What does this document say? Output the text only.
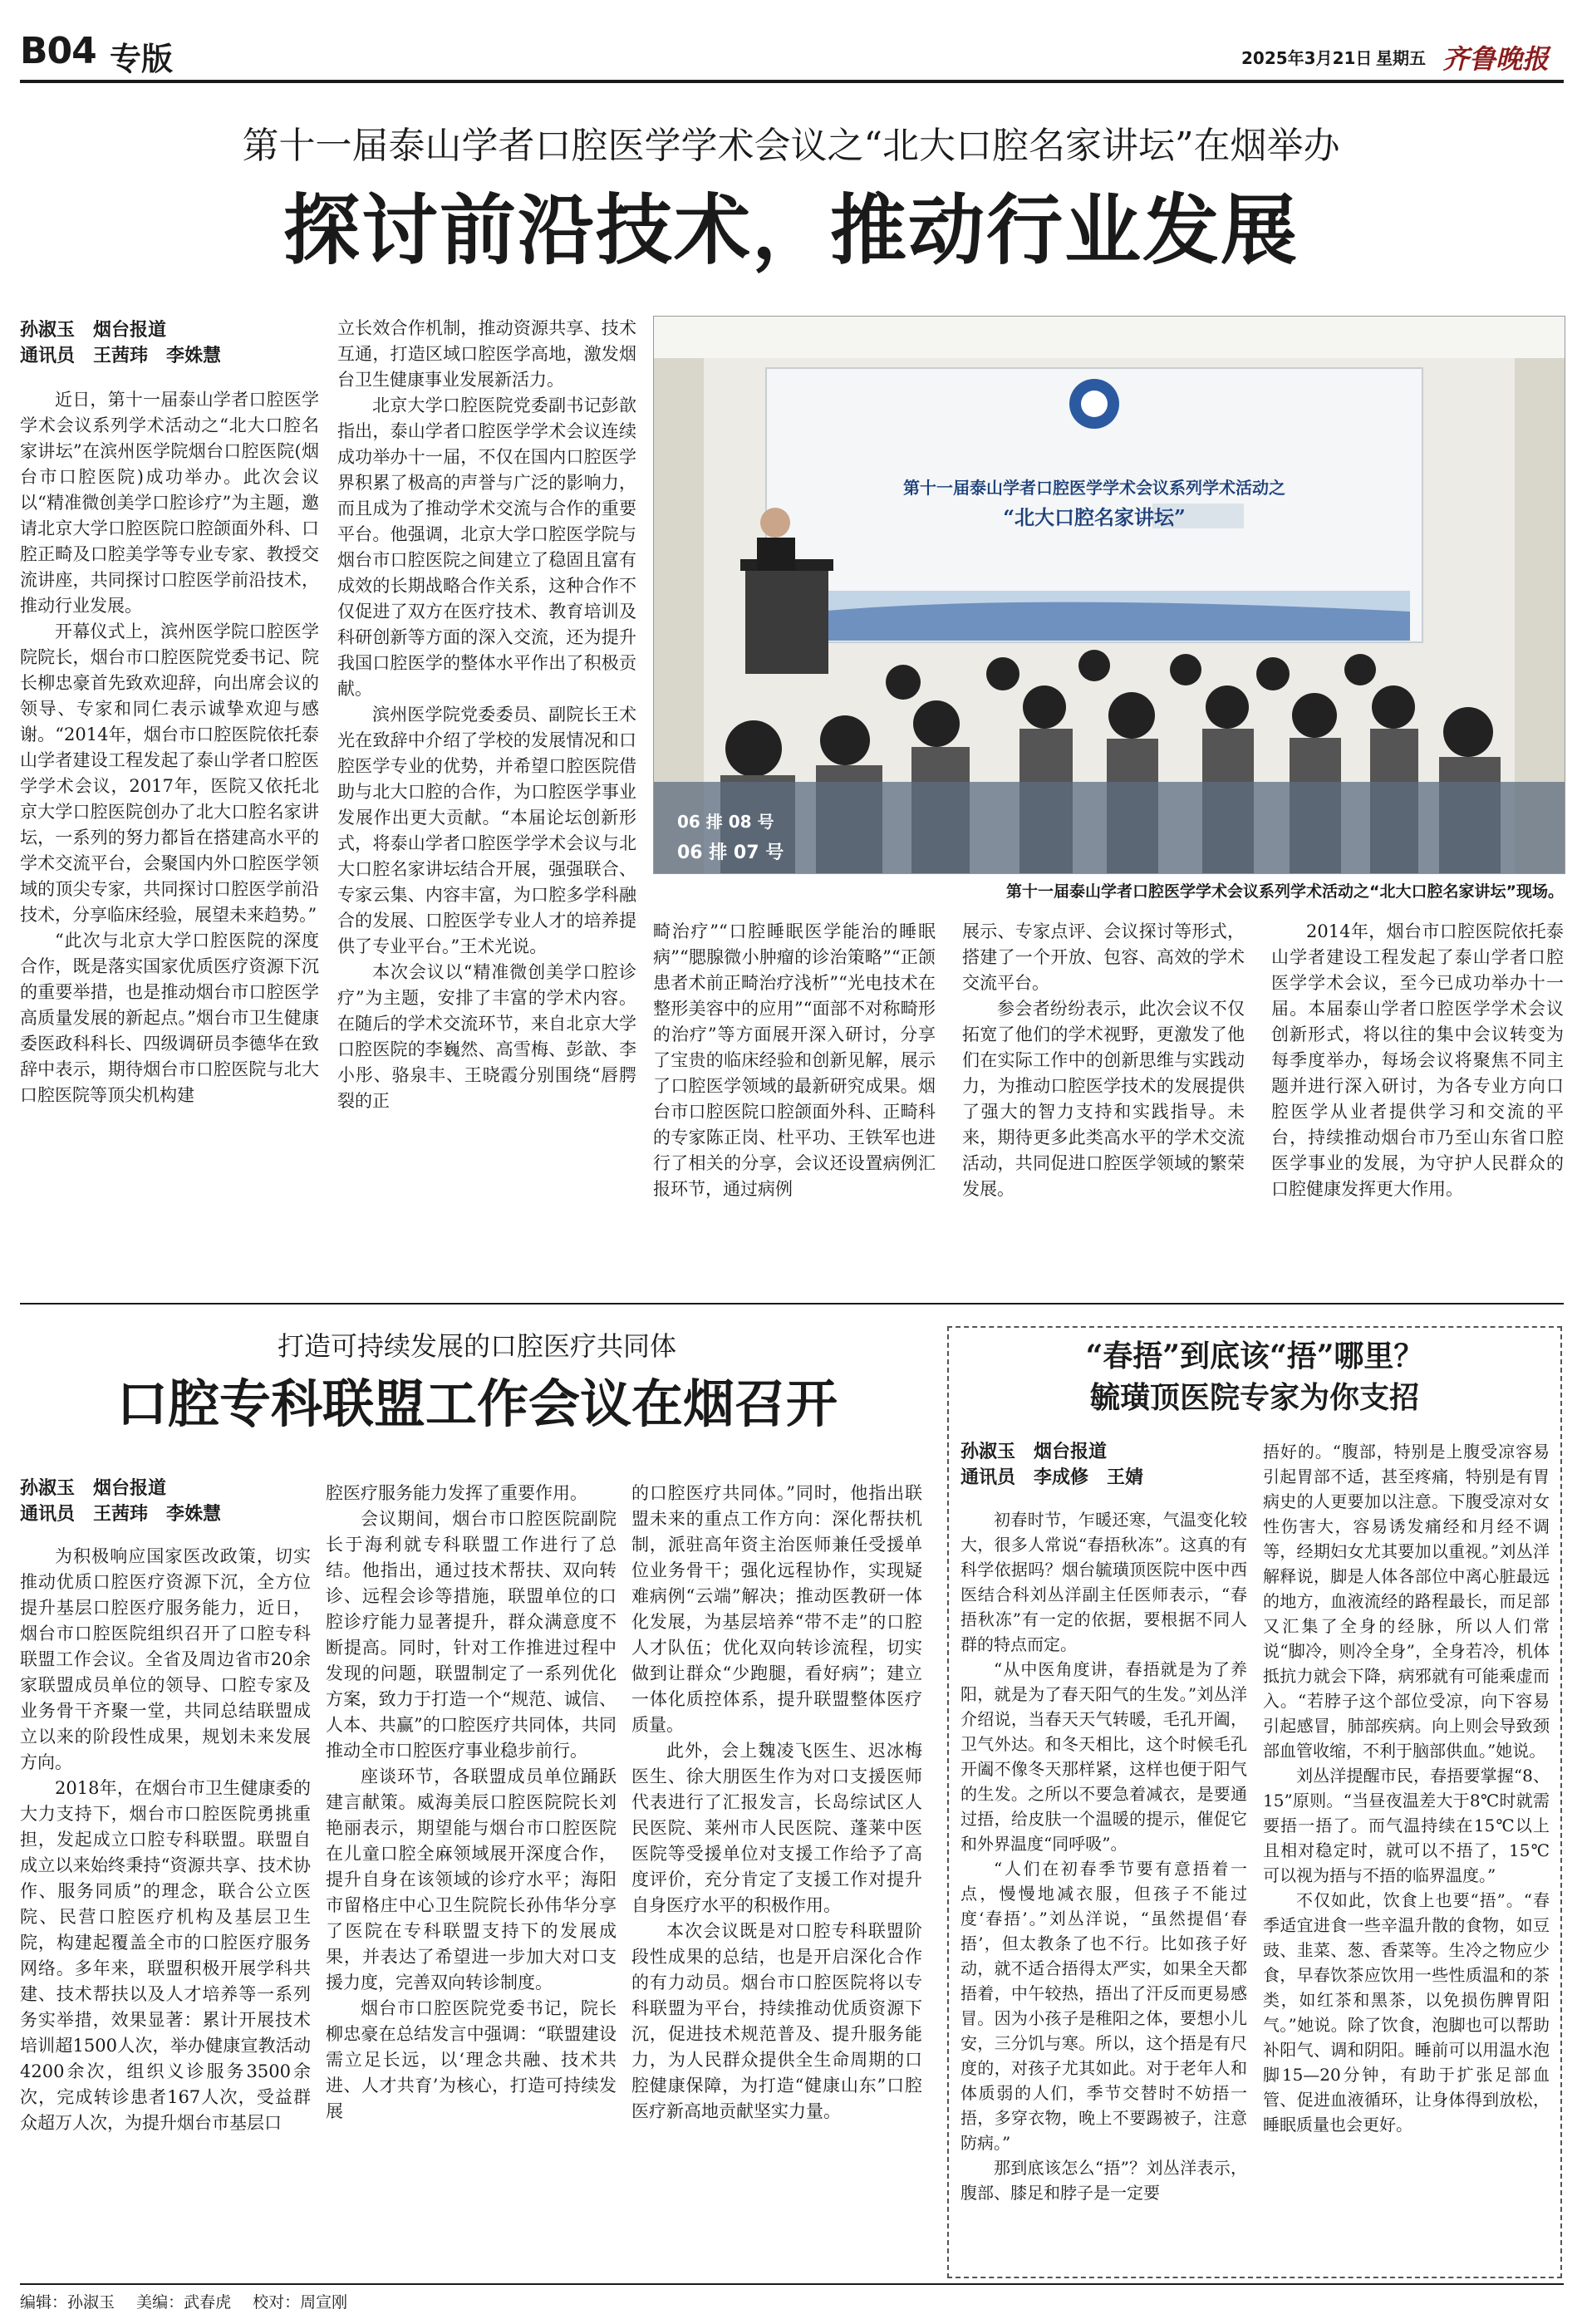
B04 专版	2025年3月21日 星期五 齐鲁晚报
第十一届泰山学者口腔医学学术会议之“北大口腔名家讲坛”在烟举办
探讨前沿技术，推动行业发展
孙淑玉　烟台报道
通讯员　王茜玮　李姝慧

近日，第十一届泰山学者口腔医学学术会议系列学术活动之“北大口腔名家讲坛”在滨州医学院烟台口腔医院(烟台市口腔医院)成功举办。此次会议以“精准微创美学口腔诊疗”为主题，邀请北京大学口腔医院口腔颌面外科、口腔正畸及口腔美学等专业专家、教授交流讲座，共同探讨口腔医学前沿技术，推动行业发展。

开幕仪式上，滨州医学院口腔医学院院长，烟台市口腔医院党委书记、院长柳忠豪首先致欢迎辞，向出席会议的领导、专家和同仁表示诚挚欢迎与感谢。“2014年，烟台市口腔医院依托泰山学者建设工程发起了泰山学者口腔医学学术会议，2017年，医院又依托北京大学口腔医院创办了北大口腔名家讲坛，一系列的努力都旨在搭建高水平的学术交流平台，会聚国内外口腔医学领域的顶尖专家，共同探讨口腔医学前沿技术，分享临床经验，展望未来趋势。”

“此次与北京大学口腔医院的深度合作，既是落实国家优质医疗资源下沉的重要举措，也是推动烟台市口腔医学高质量发展的新起点。”烟台市卫生健康委医政科科长、四级调研员李德华在致辞中表示，期待烟台市口腔医院与北大口腔医院等顶尖机构建

立长效合作机制，推动资源共享、技术互通，打造区域口腔医学高地，激发烟台卫生健康事业发展新活力。

北京大学口腔医院党委副书记彭歆指出，泰山学者口腔医学学术会议连续成功举办十一届，不仅在国内口腔医学界积累了极高的声誉与广泛的影响力，而且成为了推动学术交流与合作的重要平台。他强调，北京大学口腔医学院与烟台市口腔医院之间建立了稳固且富有成效的长期战略合作关系，这种合作不仅促进了双方在医疗技术、教育培训及科研创新等方面的深入交流，还为提升我国口腔医学的整体水平作出了积极贡献。

滨州医学院党委委员、副院长王术光在致辞中介绍了学校的发展情况和口腔医学专业的优势，并希望口腔医院借助与北大口腔的合作，为口腔医学事业发展作出更大贡献。“本届论坛创新形式，将泰山学者口腔医学学术会议与北大口腔名家讲坛结合开展，强强联合、专家云集、内容丰富，为口腔多学科融合的发展、口腔医学专业人才的培养提供了专业平台。”王术光说。

本次会议以“精准微创美学口腔诊疗”为主题，安排了丰富的学术内容。在随后的学术交流环节，来自北京大学口腔医院的李巍然、高雪梅、彭歆、李小彤、骆泉丰、王晓霞分别围绕“唇腭裂的正

第十一届泰山学者口腔医学学术会议系列学术活动之
“北大口腔名家讲坛”
06 排 07 号
06 排 08 号
第十一届泰山学者口腔医学学术会议系列学术活动之“北大口腔名家讲坛”现场。

畸治疗”“口腔睡眠医学能治的睡眠病”“腮腺微小肿瘤的诊治策略”“正颌患者术前正畸治疗浅析”“光电技术在整形美容中的应用”“面部不对称畸形的治疗”等方面展开深入研讨，分享了宝贵的临床经验和创新见解，展示了口腔医学领域的最新研究成果。烟台市口腔医院口腔颌面外科、正畸科的专家陈正岗、杜平功、王铁军也进行了相关的分享，会议还设置病例汇报环节，通过病例

展示、专家点评、会议探讨等形式，搭建了一个开放、包容、高效的学术交流平台。

参会者纷纷表示，此次会议不仅拓宽了他们的学术视野，更激发了他们在实际工作中的创新思维与实践动力，为推动口腔医学技术的发展提供了强大的智力支持和实践指导。未来，期待更多此类高水平的学术交流活动，共同促进口腔医学领域的繁荣发展。

2014年，烟台市口腔医院依托泰山学者建设工程发起了泰山学者口腔医学学术会议，至今已成功举办十一届。本届泰山学者口腔医学学术会议创新形式，将以往的集中会议转变为每季度举办，每场会议将聚焦不同主题并进行深入研讨，为各专业方向口腔医学从业者提供学习和交流的平台，持续推动烟台市乃至山东省口腔医学事业的发展，为守护人民群众的口腔健康发挥更大作用。

打造可持续发展的口腔医疗共同体
口腔专科联盟工作会议在烟召开
孙淑玉　烟台报道
通讯员　王茜玮　李姝慧

为积极响应国家医改政策，切实推动优质口腔医疗资源下沉，全方位提升基层口腔医疗服务能力，近日，烟台市口腔医院组织召开了口腔专科联盟工作会议。全省及周边省市20余家联盟成员单位的领导、口腔专家及业务骨干齐聚一堂，共同总结联盟成立以来的阶段性成果，规划未来发展方向。

2018年，在烟台市卫生健康委的大力支持下，烟台市口腔医院勇挑重担，发起成立口腔专科联盟。联盟自成立以来始终秉持“资源共享、技术协作、服务同质”的理念，联合公立医院、民营口腔医疗机构及基层卫生院，构建起覆盖全市的口腔医疗服务网络。多年来，联盟积极开展学科共建、技术帮扶以及人才培养等一系列务实举措，效果显著：累计开展技术培训超1500人次，举办健康宣教活动4200余次，组织义诊服务3500余次，完成转诊患者167人次，受益群众超万人次，为提升烟台市基层口

腔医疗服务能力发挥了重要作用。

会议期间，烟台市口腔医院副院长于海利就专科联盟工作进行了总结。他指出，通过技术帮扶、双向转诊、远程会诊等措施，联盟单位的口腔诊疗能力显著提升，群众满意度不断提高。同时，针对工作推进过程中发现的问题，联盟制定了一系列优化方案，致力于打造一个“规范、诚信、人本、共赢”的口腔医疗共同体，共同推动全市口腔医疗事业稳步前行。

座谈环节，各联盟成员单位踊跃建言献策。威海美辰口腔医院院长刘艳丽表示，期望能与烟台市口腔医院在儿童口腔全麻领域展开深度合作，提升自身在该领域的诊疗水平；海阳市留格庄中心卫生院院长孙伟华分享了医院在专科联盟支持下的发展成果，并表达了希望进一步加大对口支援力度，完善双向转诊制度。

烟台市口腔医院党委书记，院长柳忠豪在总结发言中强调：“联盟建设需立足长远，以‘理念共融、技术共进、人才共育’为核心，打造可持续发展

的口腔医疗共同体。”同时，他指出联盟未来的重点工作方向：深化帮扶机制，派驻高年资主治医师兼任受援单位业务骨干；强化远程协作，实现疑难病例“云端”解决；推动医教研一体化发展，为基层培养“带不走”的口腔人才队伍；优化双向转诊流程，切实做到让群众“少跑腿，看好病”；建立一体化质控体系，提升联盟整体医疗质量。

此外，会上魏凌飞医生、迟冰梅医生、徐大朋医生作为对口支援医师代表进行了汇报发言，长岛综试区人民医院、莱州市人民医院、蓬莱中医医院等受援单位对支援工作给予了高度评价，充分肯定了支援工作对提升自身医疗水平的积极作用。

本次会议既是对口腔专科联盟阶段性成果的总结，也是开启深化合作的有力动员。烟台市口腔医院将以专科联盟为平台，持续推动优质资源下沉，促进技术规范普及、提升服务能力，为人民群众提供全生命周期的口腔健康保障，为打造“健康山东”口腔医疗新高地贡献坚实力量。

“春捂”到底该“捂”哪里？
毓璜顶医院专家为你支招
孙淑玉　烟台报道
通讯员　李成修　王婧

初春时节，乍暖还寒，气温变化较大，很多人常说“春捂秋冻”。这真的有科学依据吗？烟台毓璜顶医院中医中西医结合科刘丛洋副主任医师表示，“春捂秋冻”有一定的依据，要根据不同人群的特点而定。

“从中医角度讲，春捂就是为了养阳，就是为了春天阳气的生发。”刘丛洋介绍说，当春天天气转暖，毛孔开阖，卫气外达。和冬天相比，这个时候毛孔开阖不像冬天那样紧，这样也便于阳气的生发。之所以不要急着减衣，是要通过捂，给皮肤一个温暖的提示，催促它和外界温度“同呼吸”。

“人们在初春季节要有意捂着一点，慢慢地减衣服，但孩子不能过度‘春捂’。”刘丛洋说，“虽然提倡‘春捂’，但太教条了也不行。比如孩子好动，就不适合捂得太严实，如果全天都捂着，中午较热，捂出了汗反而更易感冒。因为小孩子是稚阳之体，要想小儿安，三分饥与寒。所以，这个捂是有尺度的，对孩子尤其如此。对于老年人和体质弱的人们，季节交替时不妨捂一捂，多穿衣物，晚上不要踢被子，注意防病。”

那到底该怎么“捂”？刘丛洋表示，腹部、膝足和脖子是一定要

捂好的。“腹部，特别是上腹受凉容易引起胃部不适，甚至疼痛，特别是有胃病史的人更要加以注意。下腹受凉对女性伤害大，容易诱发痛经和月经不调等，经期妇女尤其要加以重视。”刘丛洋解释说，脚是人体各部位中离心脏最远的地方，血液流经的路程最长，而足部又汇集了全身的经脉，所以人们常说“脚冷，则冷全身”，全身若冷，机体抵抗力就会下降，病邪就有可能乘虚而入。“若脖子这个部位受凉，向下容易引起感冒，肺部疾病。向上则会导致颈部血管收缩，不利于脑部供血。”她说。

刘丛洋提醒市民，春捂要掌握“8、15”原则。“当昼夜温差大于8℃时就需要捂一捂了。而气温持续在15℃以上且相对稳定时，就可以不捂了，15℃可以视为捂与不捂的临界温度。”

不仅如此，饮食上也要“捂”。“春季适宜进食一些辛温升散的食物，如豆豉、韭菜、葱、香菜等。生冷之物应少食，早春饮茶应饮用一些性质温和的茶类，如红茶和黑茶，以免损伤脾胃阳气。”她说。除了饮食，泡脚也可以帮助补阳气、调和阴阳。睡前可以用温水泡脚15—20分钟，有助于扩张足部血管、促进血液循环，让身体得到放松，睡眠质量也会更好。

编辑：孙淑玉 美编：武春虎 校对：周宣刚
